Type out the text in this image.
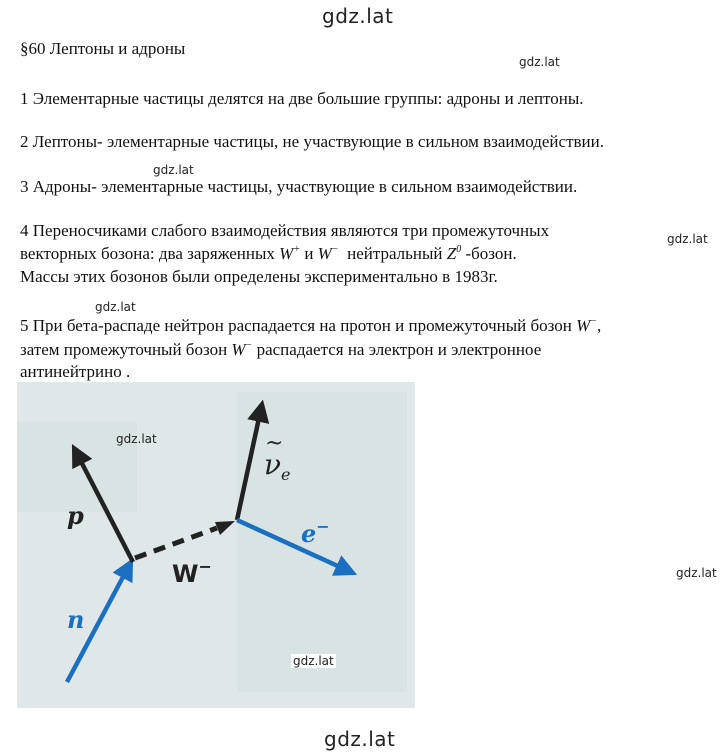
gdz.lat
gdz.lat
gdz.lat
gdz.lat
gdz.lat
gdz.lat
gdz.lat
§60 Лептоны и адроны
1 Элементарные частицы делятся на две большие группы: адроны и лептоны.
2 Лептоны- элементарные частицы, не участвующие в сильном взаимодействии.
3 Адроны- элементарные частицы, участвующие в сильном взаимодействии.
4 Переносчиками слабого взаимодействия являются три промежуточных
векторных бозона: два заряженных W+ и W− нейтральный $Z^0$ -бозон.
Массы этих бозонов были определены экспериментально в 1983г.
5 При бета-распаде нейтрон распадается на протон и промежуточный бозон W−,
затем промежуточный бозон W− распадается на электрон и электронное
антинейтрино .
n
p
W−
e−
~
$\nu_e$
gdz.lat
gdz.lat
